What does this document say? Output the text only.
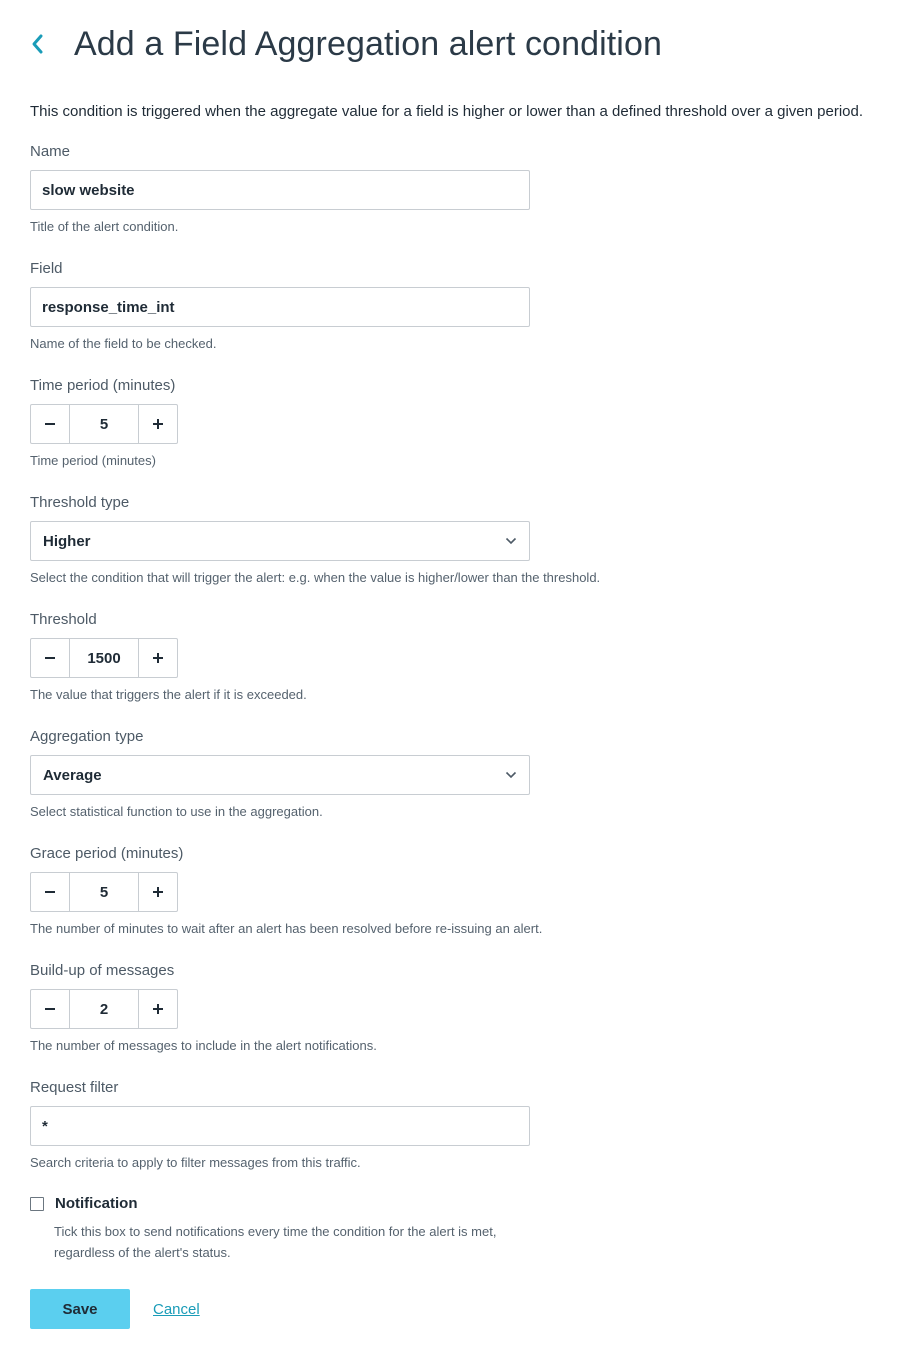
Add a Field Aggregation alert condition
This condition is triggered when the aggregate value for a field is higher or lower than a defined threshold over a given period.
Name
slow website
Title of the alert condition.
Field
response_time_int
Name of the field to be checked.
Time period (minutes)
5
Time period (minutes)
Threshold type
Higher
Select the condition that will trigger the alert: e.g. when the value is higher/lower than the threshold.
Threshold
1500
The value that triggers the alert if it is exceeded.
Aggregation type
Average
Select statistical function to use in the aggregation.
Grace period (minutes)
5
The number of minutes to wait after an alert has been resolved before re-issuing an alert.
Build-up of messages
2
The number of messages to include in the alert notifications.
Request filter
*
Search criteria to apply to filter messages from this traffic.
Notification
Tick this box to send notifications every time the condition for the alert is met, regardless of the alert's status.
Save	Cancel
